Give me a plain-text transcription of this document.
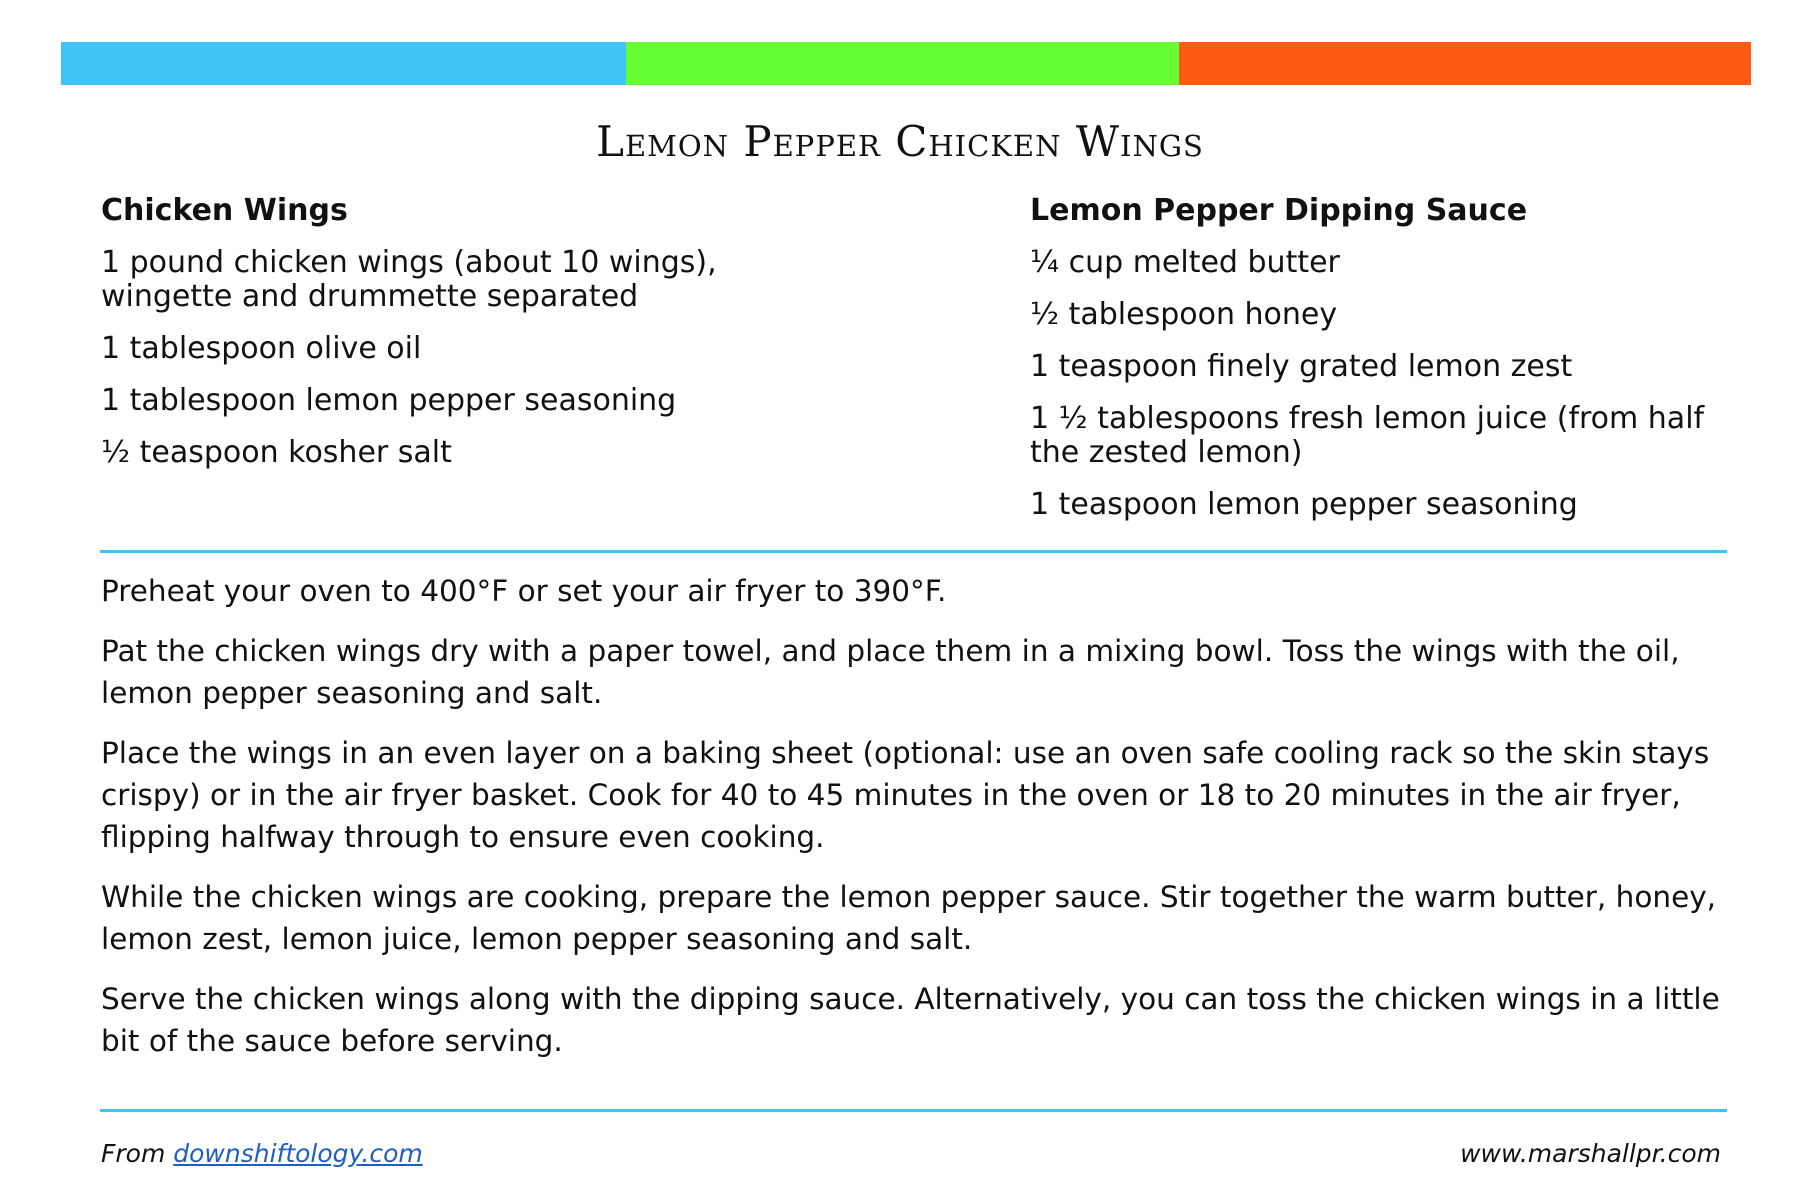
Lemon Pepper Chicken Wings
Chicken Wings
1 pound chicken wings (about 10 wings), wingette and drummette separated
1 tablespoon olive oil
1 tablespoon lemon pepper seasoning
½ teaspoon kosher salt
Lemon Pepper Dipping Sauce
¼ cup melted butter
½ tablespoon honey
1 teaspoon finely grated lemon zest
1 ½ tablespoons fresh lemon juice (from half the zested lemon)
1 teaspoon lemon pepper seasoning

Preheat your oven to 400°F or set your air fryer to 390°F.

Pat the chicken wings dry with a paper towel, and place them in a mixing bowl. Toss the wings with the oil, lemon pepper seasoning and salt.

Place the wings in an even layer on a baking sheet (optional: use an oven safe cooling rack so the skin stays crispy) or in the air fryer basket. Cook for 40 to 45 minutes in the oven or 18 to 20 minutes in the air fryer, flipping halfway through to ensure even cooking.

While the chicken wings are cooking, prepare the lemon pepper sauce. Stir together the warm butter, honey, lemon zest, lemon juice, lemon pepper seasoning and salt.

Serve the chicken wings along with the dipping sauce. Alternatively, you can toss the chicken wings in a little bit of the sauce before serving.

From downshiftology.com	www.marshallpr.com
